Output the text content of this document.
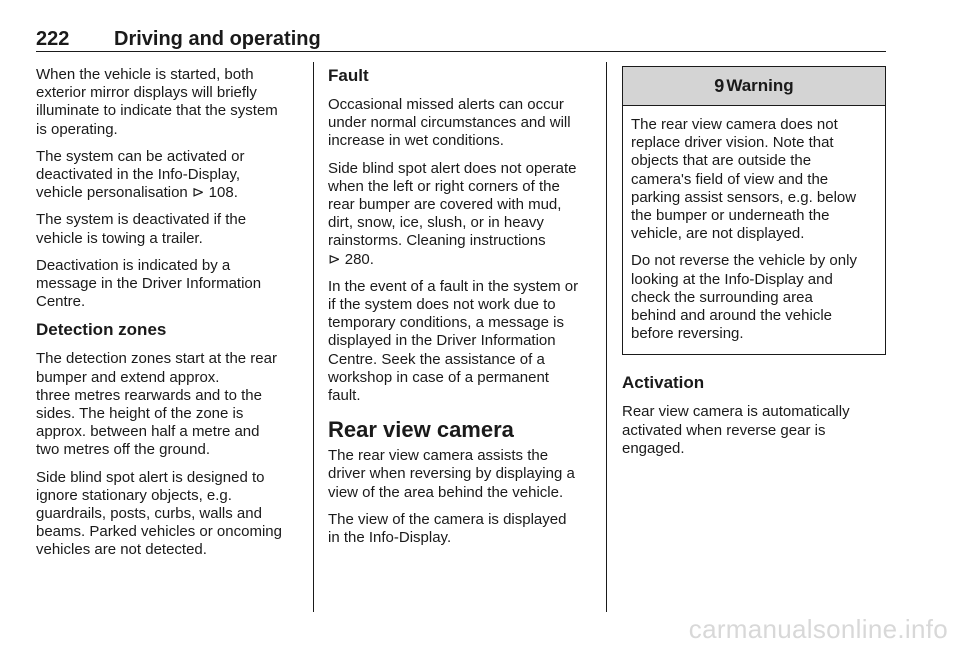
222 Driving and operating

When the vehicle is started, both
exterior mirror displays will briefly
illuminate to indicate that the system
is operating.

The system can be activated or
deactivated in the Info-Display,
vehicle personalisation ⊳ 108.

The system is deactivated if the
vehicle is towing a trailer.

Deactivation is indicated by a
message in the Driver Information
Centre.

Detection zones

The detection zones start at the rear
bumper and extend approx.
three metres rearwards and to the
sides. The height of the zone is
approx. between half a metre and
two metres off the ground.

Side blind spot alert is designed to
ignore stationary objects, e.g.
guardrails, posts, curbs, walls and
beams. Parked vehicles or oncoming
vehicles are not detected.

Fault

Occasional missed alerts can occur
under normal circumstances and will
increase in wet conditions.

Side blind spot alert does not operate
when the left or right corners of the
rear bumper are covered with mud,
dirt, snow, ice, slush, or in heavy
rainstorms. Cleaning instructions
⊳ 280.

In the event of a fault in the system or
if the system does not work due to
temporary conditions, a message is
displayed in the Driver Information
Centre. Seek the assistance of a
workshop in case of a permanent
fault.

Rear view camera

The rear view camera assists the
driver when reversing by displaying a
view of the area behind the vehicle.

The view of the camera is displayed
in the Info-Display.

9 Warning

The rear view camera does not
replace driver vision. Note that
objects that are outside the
camera's field of view and the
parking assist sensors, e.g. below
the bumper or underneath the
vehicle, are not displayed.

Do not reverse the vehicle by only
looking at the Info-Display and
check the surrounding area
behind and around the vehicle
before reversing.

Activation

Rear view camera is automatically
activated when reverse gear is
engaged.

carmanualsonline.info
